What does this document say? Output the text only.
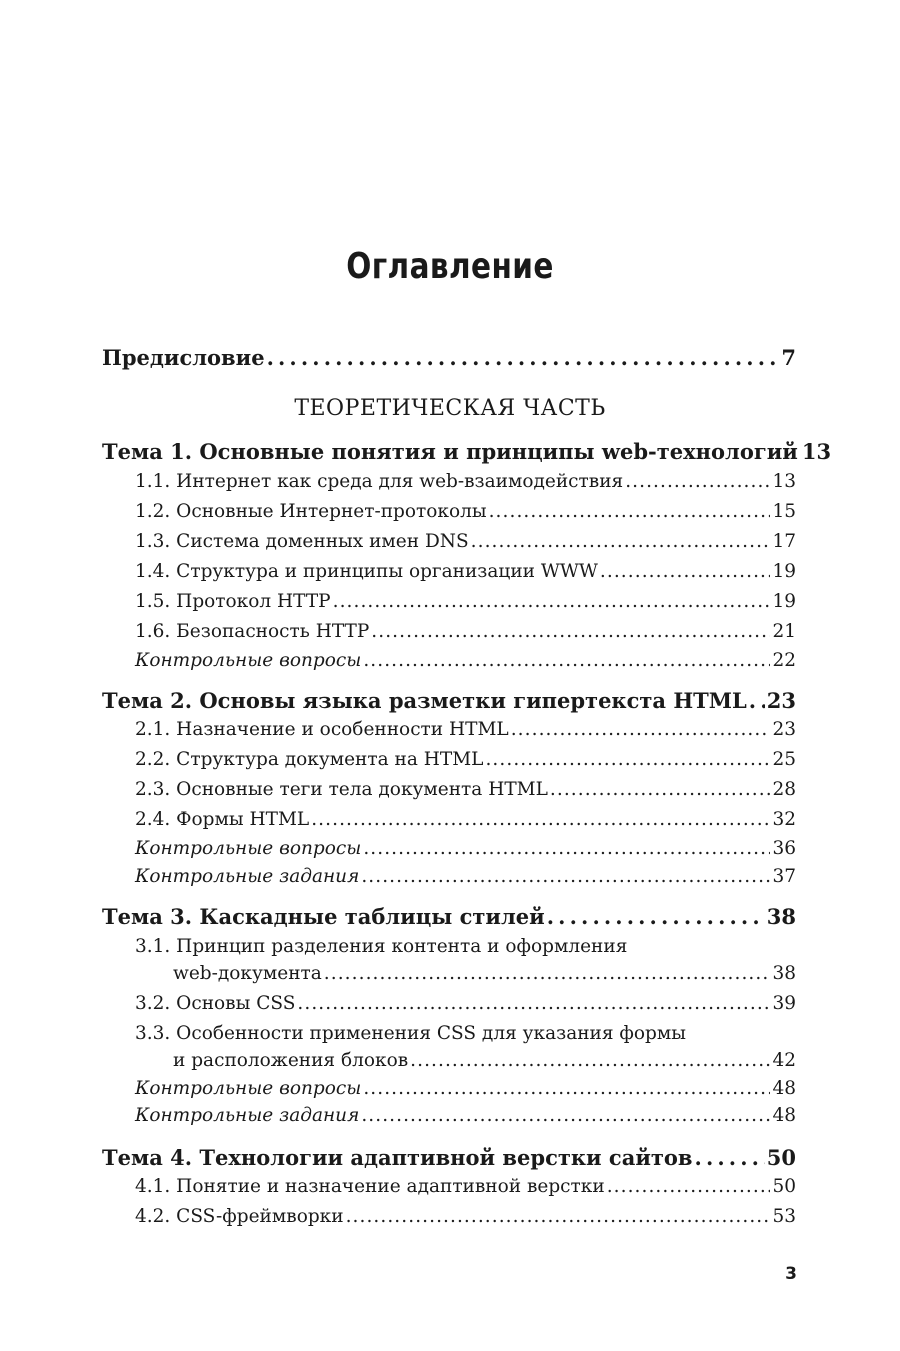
Оглавление
Предисловие . . .	7
ТЕОРЕТИЧЕСКАЯ ЧАСТЬ
Тема 1. Основные понятия и принципы web-технологий 13
1.1. Интернет как среда для web-взаимодействия . . .	13
1.2. Основные Интернет-протоколы . . .	15
1.3. Система доменных имен DNS . . .	17
1.4. Структура и принципы организации WWW . . .	19
1.5. Протокол HTTP . . .	19
1.6. Безопасность HTTP . . .	21
Контрольные вопросы . . .	22
Тема 2. Основы языка разметки гипертекста HTML . . . 23
2.1. Назначение и особенности HTML . . .	23
2.2. Структура документа на HTML . . .	25
2.3. Основные теги тела документа HTML . . .	28
2.4. Формы HTML . . .	32
Контрольные вопросы . . .	36
Контрольные задания . . .	37
Тема 3. Каскадные таблицы стилей . . .	38
3.1. Принцип разделения контента и оформления
web-документа . . .	38
3.2. Основы CSS . . .	39
3.3. Особенности применения CSS для указания формы
и расположения блоков . . .	42
Контрольные вопросы . . .	48
Контрольные задания . . .	48
Тема 4. Технологии адаптивной верстки сайтов . . .	50
4.1. Понятие и назначение адаптивной верстки . . .	50
4.2. CSS-фреймворки . . .	53
3
